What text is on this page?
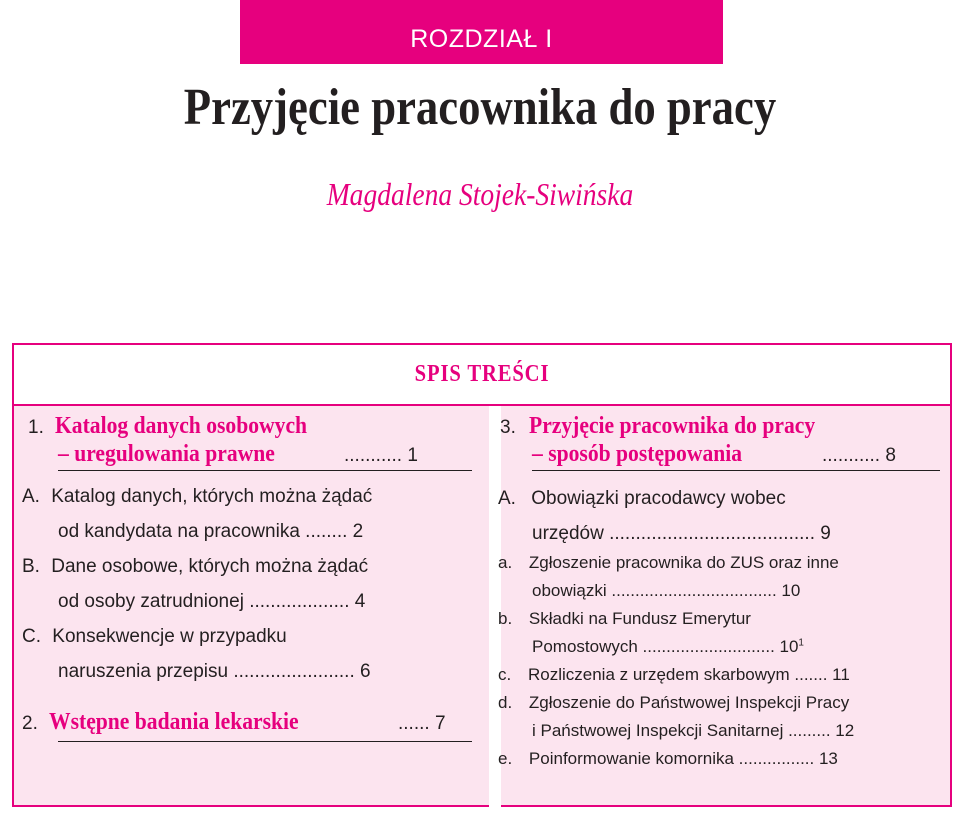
ROZDZIAŁ I
Przyjęcie pracownika do pracy
Magdalena Stojek-Siwińska
SPIS TREŚCI
1. Katalog danych osobowych
– uregulowania prawne	........... 1
A. Katalog danych, których można żądać
od kandydata na pracownika ........ 2
B. Dane osobowe, których można żądać
od osoby zatrudnionej ................... 4
C. Konsekwencje w przypadku
naruszenia przepisu ....................... 6
2. Wstępne badania lekarskie	...... 7
3. Przyjęcie pracownika do pracy
– sposób postępowania	........... 8
A. Obowiązki pracodawcy wobec
urzędów ....................................... 9
a. Zgłoszenie pracownika do ZUS oraz inne
obowiązki ................................... 10
b. Składki na Fundusz Emerytur
Pomostowych ............................ $10^1$
c. Rozliczenia z urzędem skarbowym ....... 11
d. Zgłoszenie do Państwowej Inspekcji Pracy
i Państwowej Inspekcji Sanitarnej ......... 12
e. Poinformowanie komornika ................ 13
